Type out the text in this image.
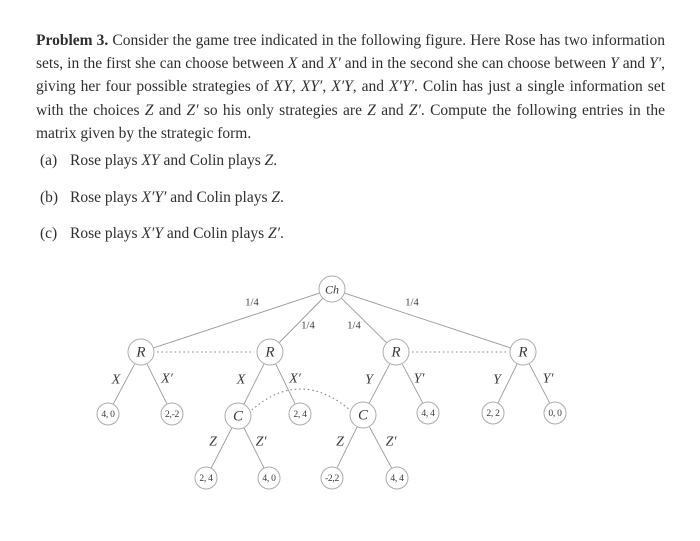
Problem 3. Consider the game tree indicated in the following figure. Here Rose has two information sets, in the first she can choose between X and X′ and in the second she can choose between Y and Y′, giving her four possible strategies of XY, XY′, X′Y, and X′Y′. Colin has just a single information set with the choices Z and Z′ so his only strategies are Z and Z′. Compute the following entries in the matrix given by the strategic form.

(a) Rose plays XY and Colin plays Z.
(b) Rose plays X′Y′ and Colin plays Z.
(c) Rose plays X′Y and Colin plays Z′.
1/4
1/4	1/4
1/4
X	X′	X	X′	Y	Y′	Y	Y′
Z	Z′	Z	Z′
Ch
R	R	R	R
C	C
4, 0	2,-2	2, 4	4, 4	2, 2	0, 0
2, 4	4, 0	-2,2	4, 4
